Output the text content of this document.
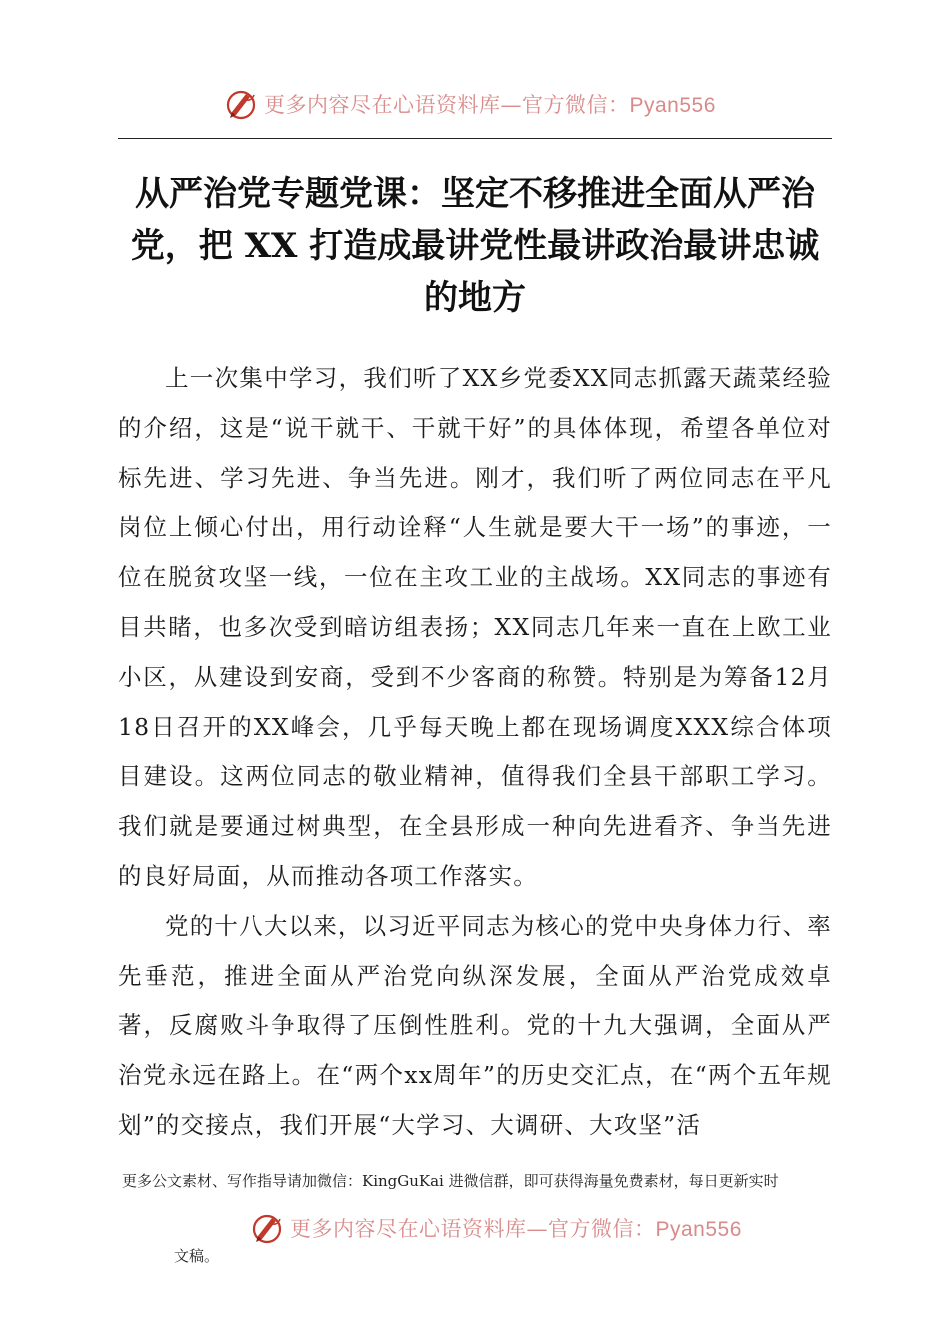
更多内容尽在心语资料库—官方微信：Pyan556
从严治党专题党课：坚定不移推进全面从严治
党，把 XX 打造成最讲党性最讲政治最讲忠诚
的地方

上一次集中学习，我们听了XX乡党委XX同志抓露天蔬菜经验的介绍，这是“说干就干、干就干好”的具体体现，希望各单位对标先进、学习先进、争当先进。刚才，我们听了两位同志在平凡岗位上倾心付出，用行动诠释“人生就是要大干一场”的事迹，一位在脱贫攻坚一线，一位在主攻工业的主战场。XX同志的事迹有目共睹，也多次受到暗访组表扬；XX同志几年来一直在上欧工业小区，从建设到安商，受到不少客商的称赞。特别是为筹备12月18日召开的XX峰会，几乎每天晚上都在现场调度XXX综合体项目建设。这两位同志的敬业精神，值得我们全县干部职工学习。我们就是要通过树典型，在全县形成一种向先进看齐、争当先进的良好局面，从而推动各项工作落实。

党的十八大以来，以习近平同志为核心的党中央身体力行、率先垂范，推进全面从严治党向纵深发展，全面从严治党成效卓著，反腐败斗争取得了压倒性胜利。党的十九大强调，全面从严治党永远在路上。在“两个xx周年”的历史交汇点，在“两个五年规划”的交接点，我们开展“大学习、大调研、大攻坚”活

更多公文素材、写作指导请加微信：KingGuKai 进微信群，即可获得海量免费素材，每日更新实时
更多内容尽在心语资料库—官方微信：Pyan556
文稿。
